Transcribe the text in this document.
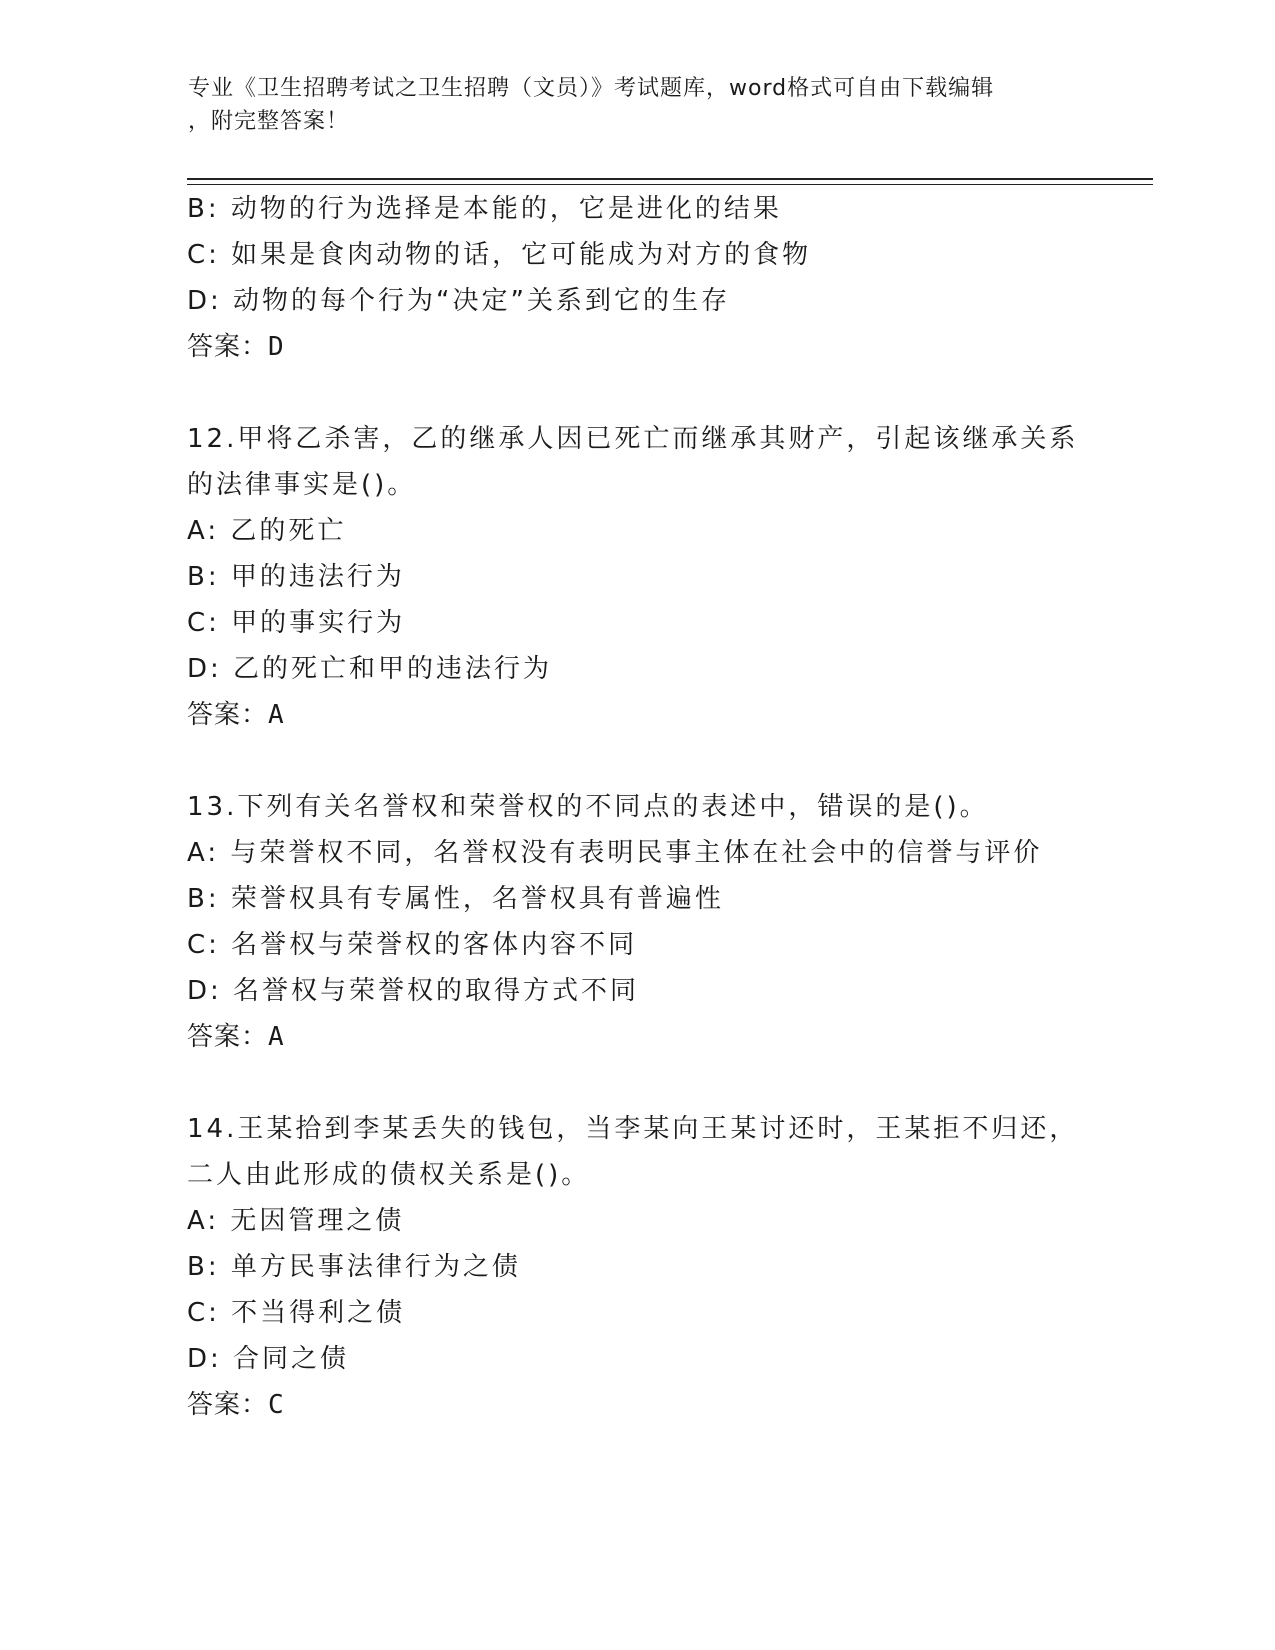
专业《卫生招聘考试之卫生招聘（文员）》考试题库，word格式可自由下载编辑
，附完整答案！
B: 动物的行为选择是本能的，它是进化的结果
C: 如果是食肉动物的话，它可能成为对方的食物
D: 动物的每个行为“决定”关系到它的生存
答案：D
12.甲将乙杀害，乙的继承人因已死亡而继承其财产，引起该继承关系
的法律事实是()。
A: 乙的死亡
B: 甲的违法行为
C: 甲的事实行为
D: 乙的死亡和甲的违法行为
答案：A
13.下列有关名誉权和荣誉权的不同点的表述中，错误的是()。
A: 与荣誉权不同，名誉权没有表明民事主体在社会中的信誉与评价
B: 荣誉权具有专属性，名誉权具有普遍性
C: 名誉权与荣誉权的客体内容不同
D: 名誉权与荣誉权的取得方式不同
答案：A
14.王某拾到李某丢失的钱包，当李某向王某讨还时，王某拒不归还，
二人由此形成的债权关系是()。
A: 无因管理之债
B: 单方民事法律行为之债
C: 不当得利之债
D: 合同之债
答案：C
